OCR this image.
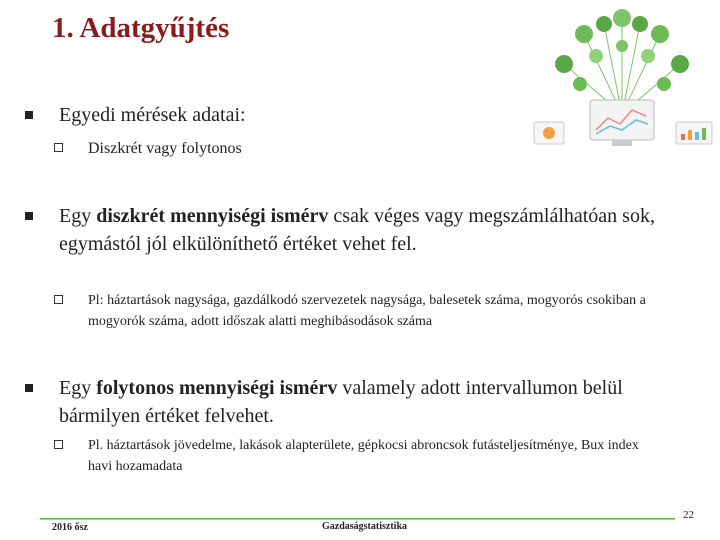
1. Adatgyűjtés
Egyedi mérések adatai:
Diszkrét vagy folytonos
Egy diszkrét mennyiségi ismérv csak véges vagy megszámlálhatóan sok, egymástól jól elkülöníthető értéket vehet fel.
Pl: háztartások nagysága, gazdálkodó szervezetek nagysága, balesetek száma, mogyorós csokiban a mogyorók száma, adott időszak alatti meghibásodások száma
Egy folytonos mennyiségi ismérv valamely adott intervallumon belül bármilyen értéket felvehet.
Pl. háztartások jövedelme, lakások alapterülete, gépkocsi abroncsok futásteljesítménye, Bux index havi hozamadata
22
2016 ősz	Gazdaságstatisztika
